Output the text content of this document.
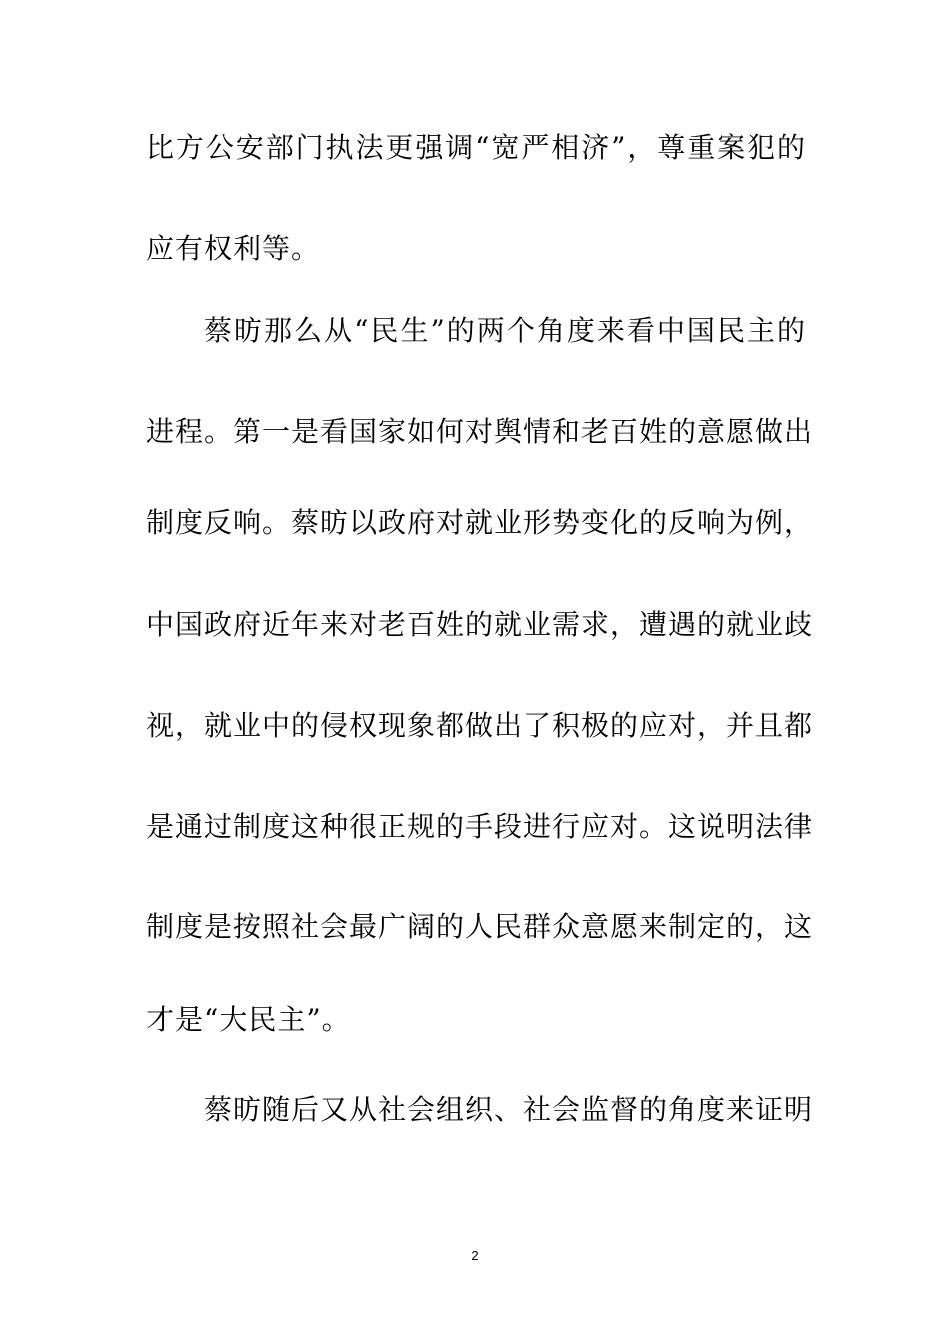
比方公安部门执法更强调“宽严相济”，尊重案犯的
应有权利等。
蔡昉那么从“民生”的两个角度来看中国民主的
进程。第一是看国家如何对舆情和老百姓的意愿做出
制度反响。蔡昉以政府对就业形势变化的反响为例，
中国政府近年来对老百姓的就业需求，遭遇的就业歧
视，就业中的侵权现象都做出了积极的应对，并且都
是通过制度这种很正规的手段进行应对。这说明法律
制度是按照社会最广阔的人民群众意愿来制定的，这
才是“大民主”。
蔡昉随后又从社会组织、社会监督的角度来证明
2
